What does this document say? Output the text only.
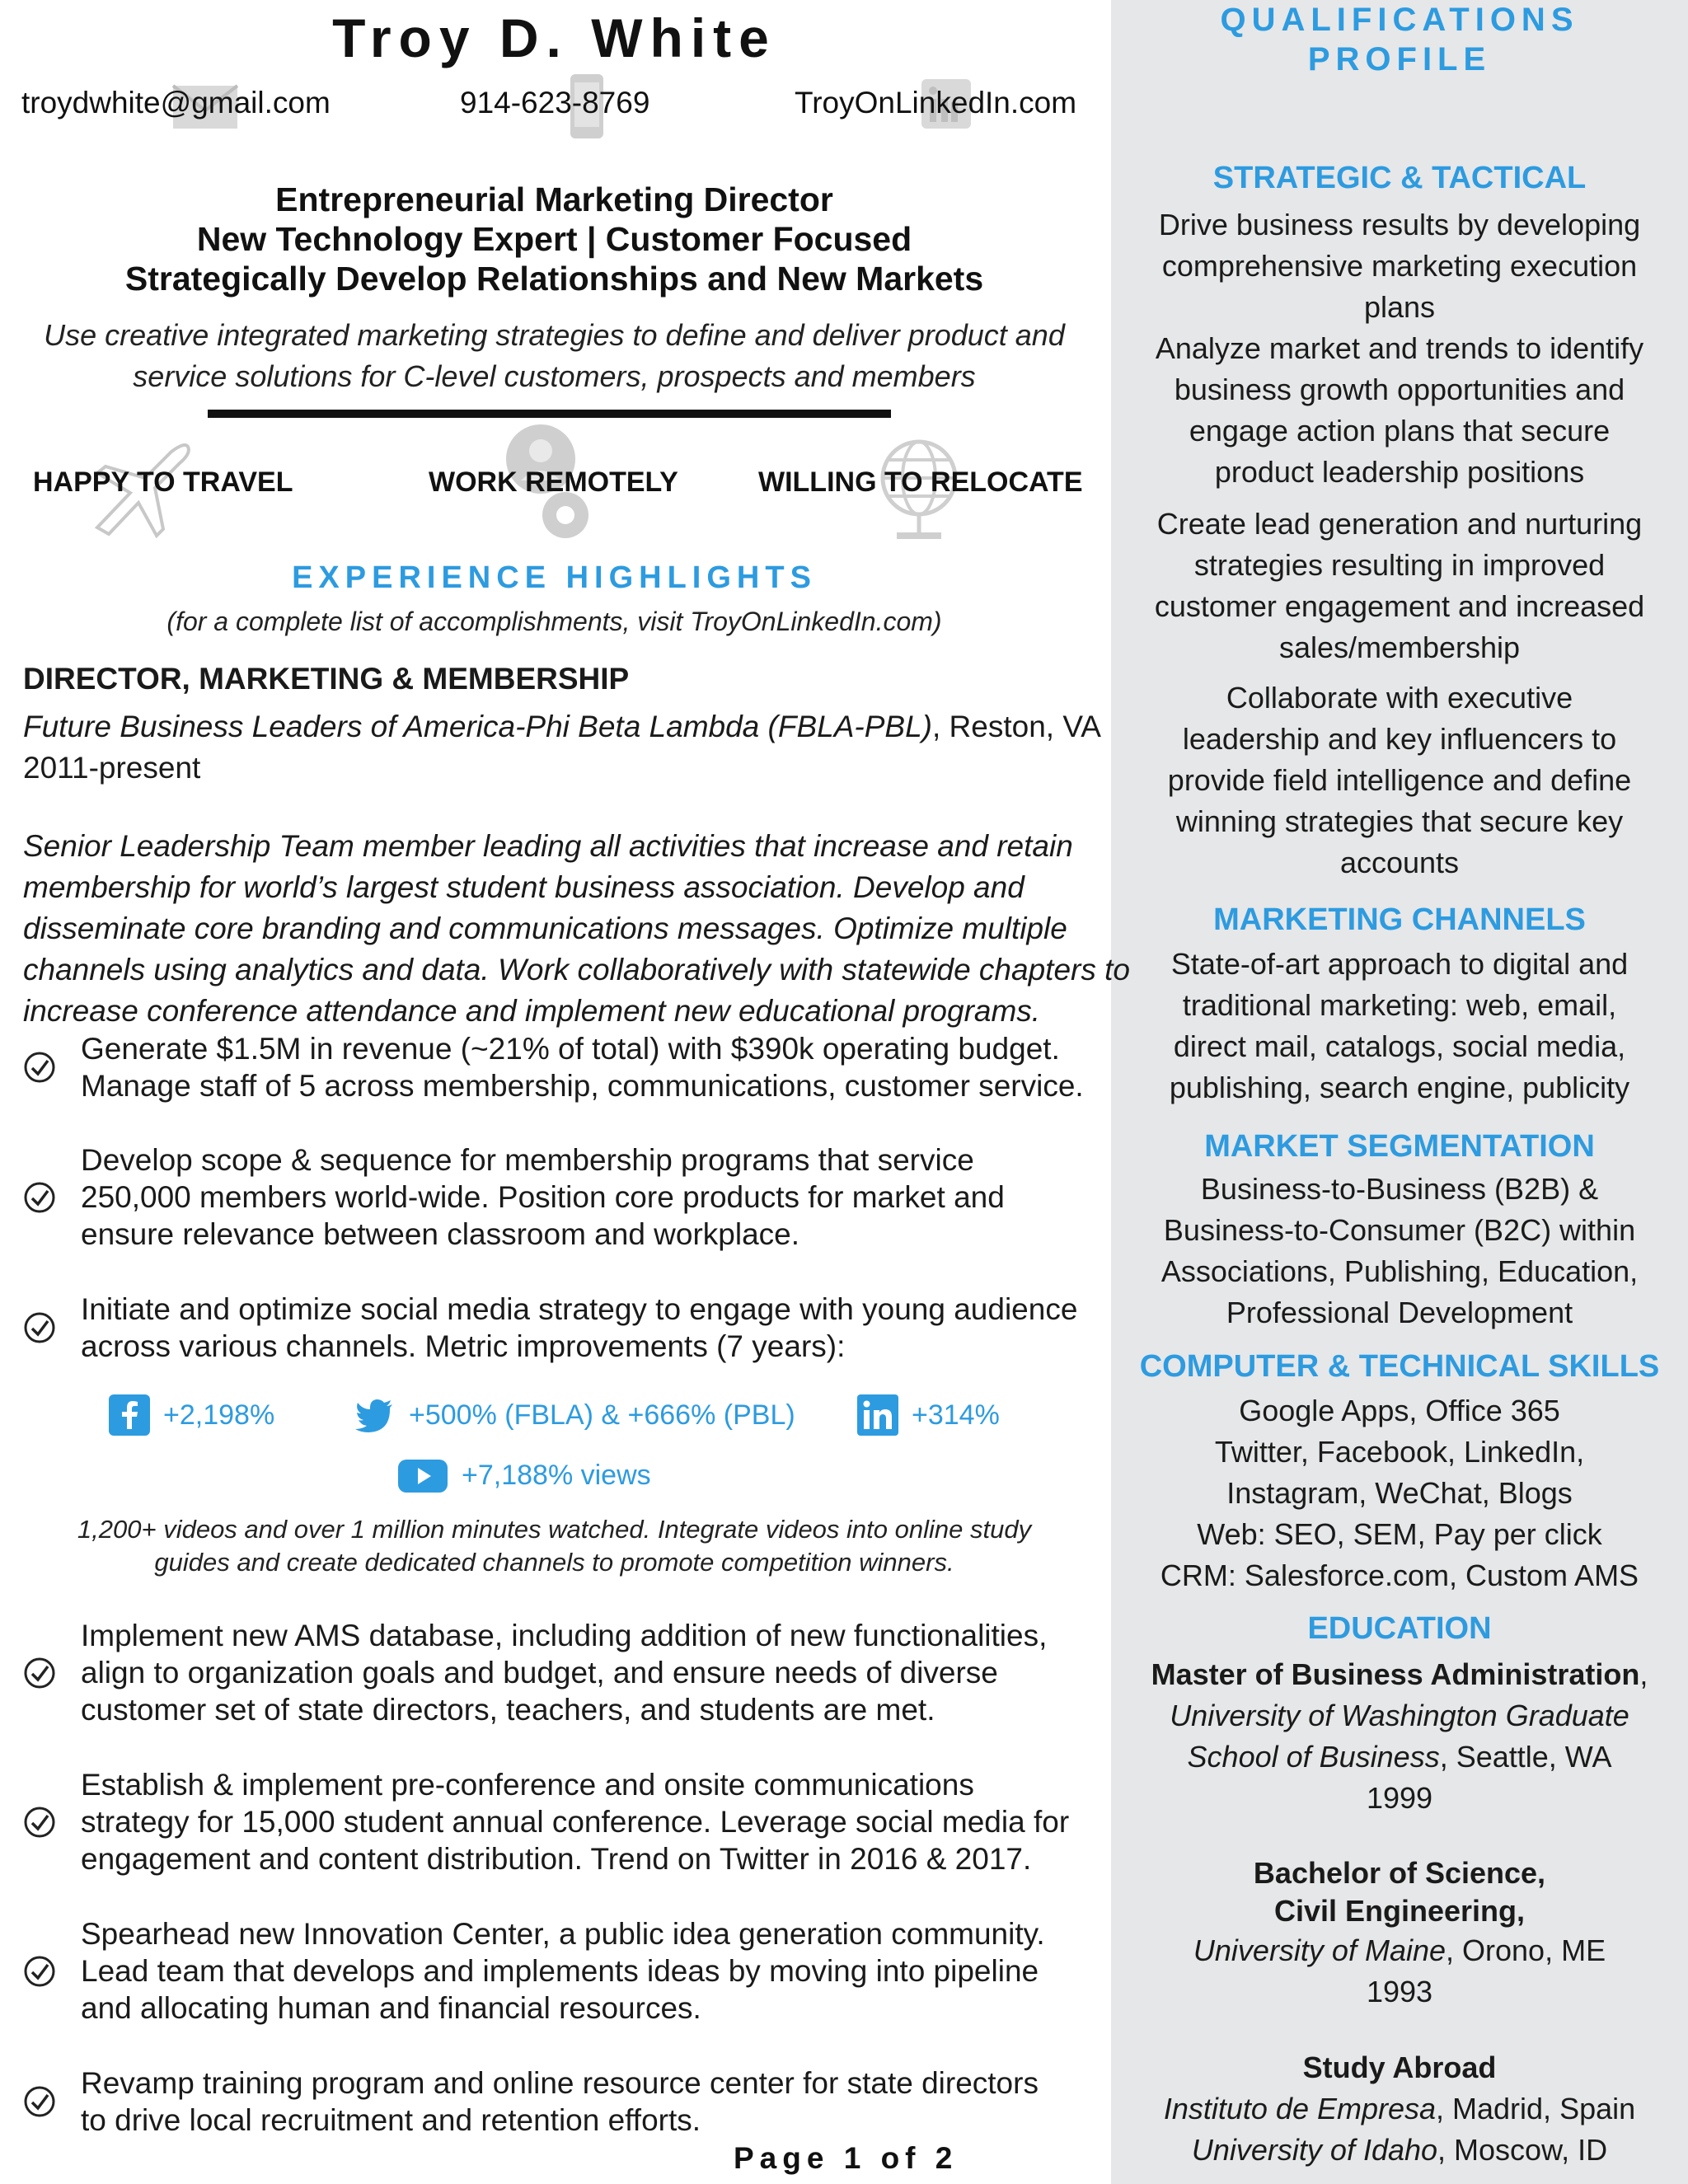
Troy D. White
troydwhite@gmail.com	914-623-8769	TroyOnLinkedIn.com
Entrepreneurial Marketing Director
New Technology Expert | Customer Focused
Strategically Develop Relationships and New Markets
Use creative integrated marketing strategies to define and deliver product and
service solutions for C-level customers, prospects and members
HAPPY TO TRAVEL	WORK REMOTELY	WILLING TO RELOCATE
EXPERIENCE HIGHLIGHTS
(for a complete list of accomplishments, visit TroyOnLinkedIn.com)
DIRECTOR, MARKETING & MEMBERSHIP
Future Business Leaders of America-Phi Beta Lambda (FBLA-PBL), Reston, VA
2011-present
Senior Leadership Team member leading all activities that increase and retain
membership for world’s largest student business association. Develop and
disseminate core branding and communications messages. Optimize multiple
channels using analytics and data. Work collaboratively with statewide chapters to
increase conference attendance and implement new educational programs.
Generate $1.5M in revenue (~21% of total) with $390k operating budget.
Manage staff of 5 across membership, communications, customer service.
Develop scope & sequence for membership programs that service
250,000 members world-wide. Position core products for market and
ensure relevance between classroom and workplace.
Initiate and optimize social media strategy to engage with young audience
across various channels. Metric improvements (7 years):
+2,198%	+500% (FBLA) & +666% (PBL)	+314%
+7,188% views
1,200+ videos and over 1 million minutes watched. Integrate videos into online study
guides and create dedicated channels to promote competition winners.
Implement new AMS database, including addition of new functionalities,
align to organization goals and budget, and ensure needs of diverse
customer set of state directors, teachers, and students are met.
Establish & implement pre-conference and onsite communications
strategy for 15,000 student annual conference. Leverage social media for
engagement and content distribution. Trend on Twitter in 2016 & 2017.
Spearhead new Innovation Center, a public idea generation community.
Lead team that develops and implements ideas by moving into pipeline
and allocating human and financial resources.
Revamp training program and online resource center for state directors
to drive local recruitment and retention efforts.
Page 1 of 2
QUALIFICATIONS
PROFILE
STRATEGIC & TACTICAL
Drive business results by developing
comprehensive marketing execution
plans
Analyze market and trends to identify
business growth opportunities and
engage action plans that secure
product leadership positions
Create lead generation and nurturing
strategies resulting in improved
customer engagement and increased
sales/membership
Collaborate with executive
leadership and key influencers to
provide field intelligence and define
winning strategies that secure key
accounts
MARKETING CHANNELS
State-of-art approach to digital and
traditional marketing: web, email,
direct mail, catalogs, social media,
publishing, search engine, publicity
MARKET SEGMENTATION
Business-to-Business (B2B) &
Business-to-Consumer (B2C) within
Associations, Publishing, Education,
Professional Development
COMPUTER & TECHNICAL SKILLS
Google Apps, Office 365
Twitter, Facebook, LinkedIn,
Instagram, WeChat, Blogs
Web: SEO, SEM, Pay per click
CRM: Salesforce.com, Custom AMS
EDUCATION
Master of Business Administration,
University of Washington Graduate
School of Business, Seattle, WA
1999
Bachelor of Science,
Civil Engineering,
University of Maine, Orono, ME
1993
Study Abroad
Instituto de Empresa, Madrid, Spain
University of Idaho, Moscow, ID
